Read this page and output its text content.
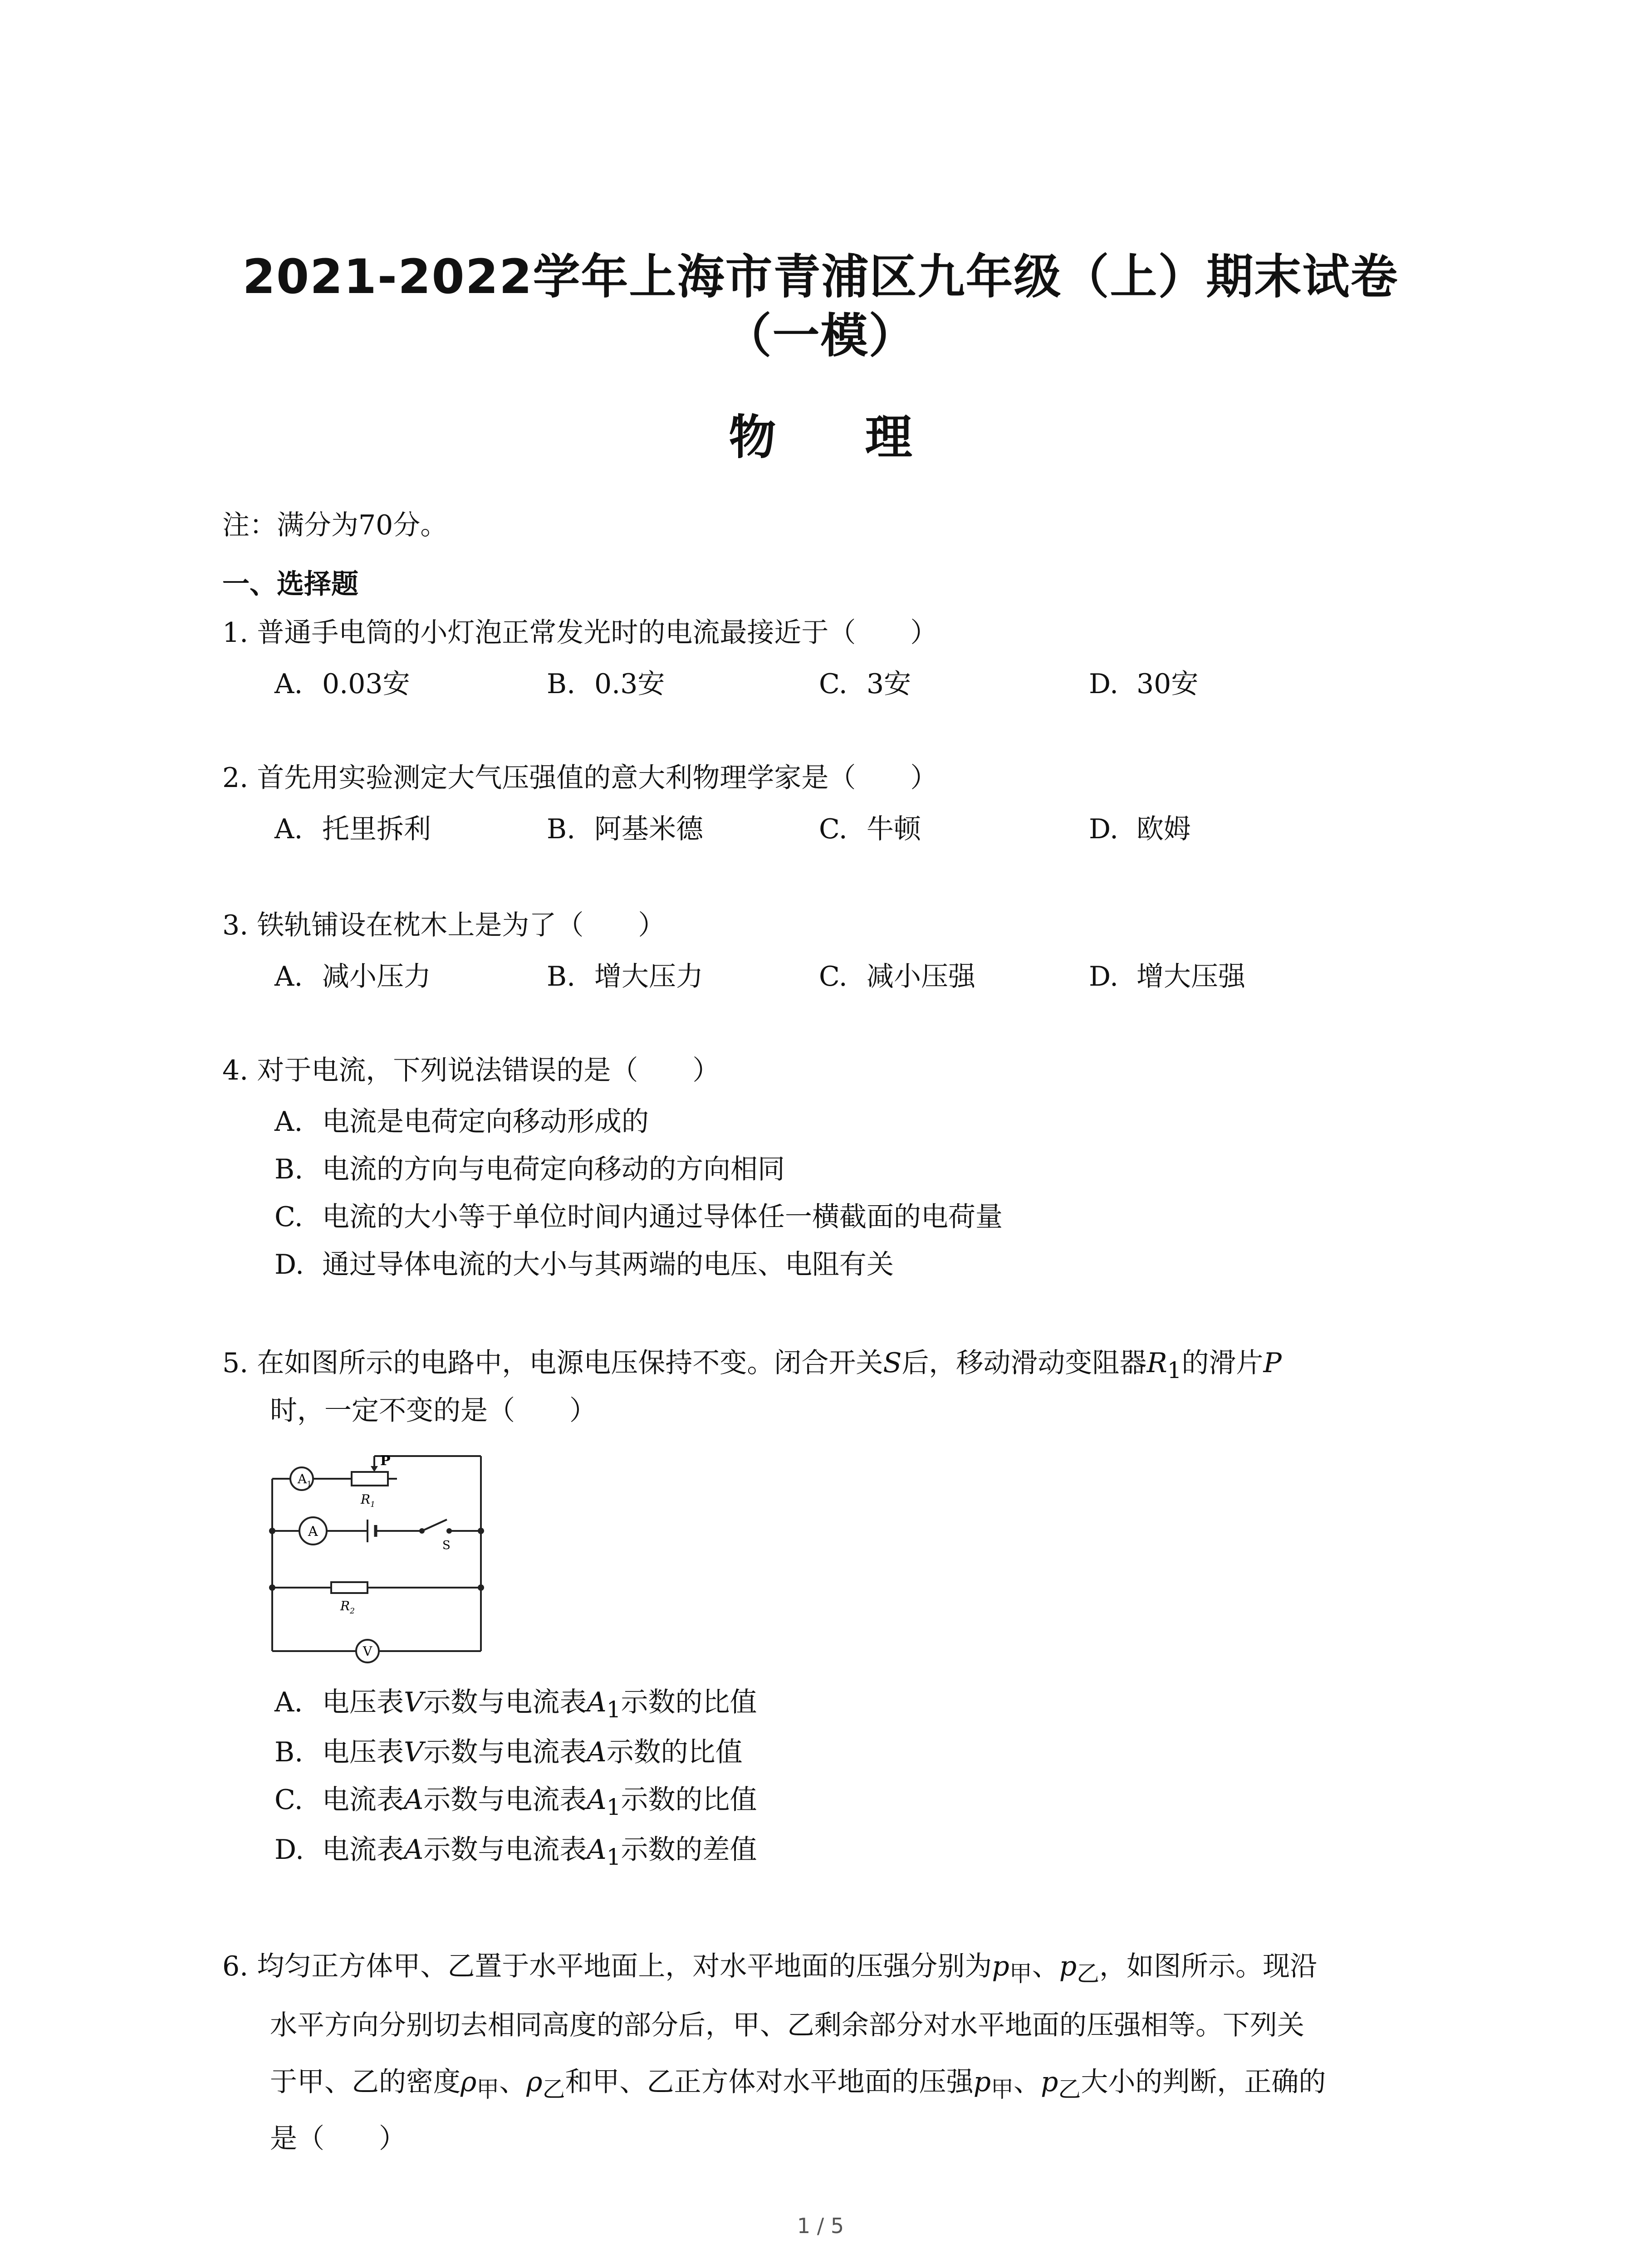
2021-2022学年上海市青浦区九年级（上）期末试卷
（一模）
物 理
注：满分为70分。
一、选择题
1. 普通手电筒的小灯泡正常发光时的电流最接近于（　　）
A. 0.03安	B. 0.3安	C. 3安	D. 30安
2. 首先用实验测定大气压强值的意大利物理学家是（　　）
A. 托里拆利	B. 阿基米德	C. 牛顿	D. 欧姆
3. 铁轨铺设在枕木上是为了（　　）
A. 减小压力	B. 增大压力	C. 减小压强	D. 增大压强
4. 对于电流，下列说法错误的是（　　）
A. 电流是电荷定向移动形成的
B. 电流的方向与电荷定向移动的方向相同
C. 电流的大小等于单位时间内通过导体任一横截面的电荷量
D. 通过导体电流的大小与其两端的电压、电阻有关
5. 在如图所示的电路中，电源电压保持不变。闭合开关S后，移动滑动变阻器$R_1$的滑片P
时，一定不变的是（　　）
$A_1$
P
$R_1$
A
S
$R_2$
V
A. 电压表V示数与电流表$A_1$示数的比值
B. 电压表V示数与电流表A示数的比值
C. 电流表A示数与电流表$A_1$示数的比值
D. 电流表A示数与电流表$A_1$示数的差值
6. 均匀正方体甲、乙置于水平地面上，对水平地面的压强分别为$p_甲$、$p_乙$，如图所示。现沿
水平方向分别切去相同高度的部分后，甲、乙剩余部分对水平地面的压强相等。下列关
于甲、乙的密度$\rho_甲$、$\rho_乙$和甲、乙正方体对水平地面的压强$p_甲$、$p_乙$大小的判断，正确的
是（　　）
1 / 5
